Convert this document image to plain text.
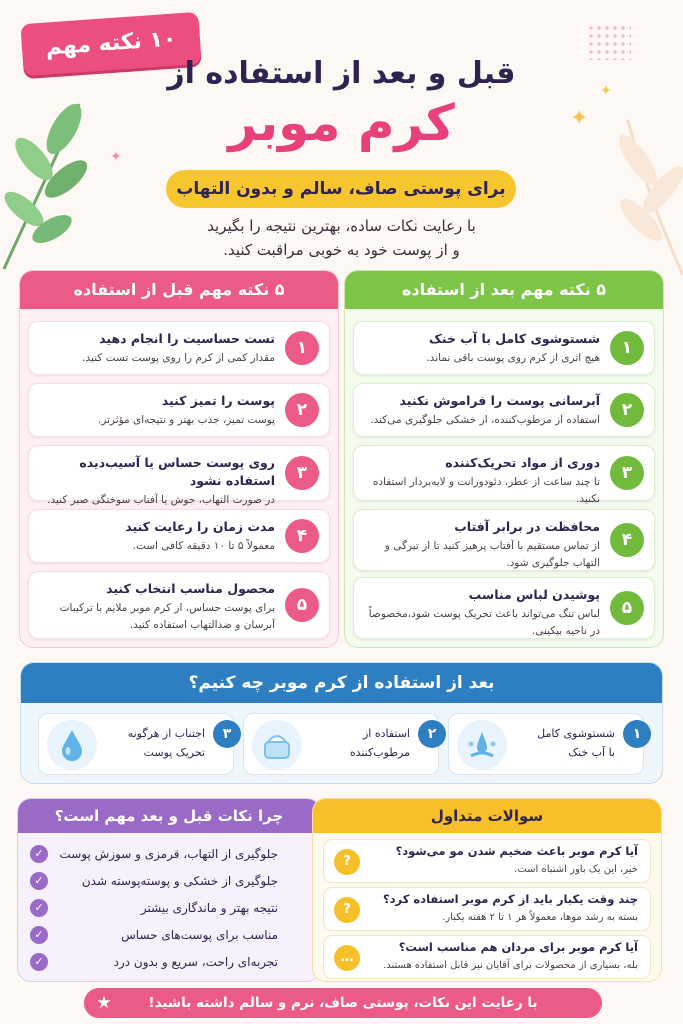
✦
✦
✦
۱۰ نکته مهم
قبل و بعد از استفاده از
کرم موبر
برای پوستی صاف، سالم و بدون التهاب
با رعایت نکات ساده، بهترین نتیجه را بگیرید
و از پوست خود به خوبی مراقبت کنید.
۵ نکته مهم قبل از استفاده
۱
تست حساسیت را انجام دهید
مقدار کمی از کرم را روی پوست تست کنید.
۲
پوست را تمیز کنید
پوست تمیز، جذب بهتر و نتیجه‌ای مؤثرتر.
۳
روی پوست حساس یا آسیب‌دیده استفاده نشود
در صورت التهاب، جوش یا آفتاب سوختگی صبر کنید.
۴
مدت زمان را رعایت کنید
معمولاً ۵ تا ۱۰ دقیقه کافی است.
۵
محصول مناسب انتخاب کنید
برای پوست حساس، از کرم موبر ملایم با ترکیبات
آبرسان و ضدالتهاب استفاده کنید.
۵ نکته مهم بعد از استفاده
۱
شستوشوی کامل با آب خنک
هیچ اثری از کرم روی پوست باقی نماند.
۲
آبرسانی پوست را فراموش نکنید
استفاده از مرطوب‌کننده، از خشکی جلوگیری می‌کند.
۳
دوری از مواد تحریک‌کننده
تا چند ساعت از عطر، دئودورانت و لایه‌بردار استفاده نکنید.
۴
محافظت در برابر آفتاب
از تماس مستقیم با آفتاب پرهیز کنید تا از تیرگی و
التهاب جلوگیری شود.
۵
پوشیدن لباس مناسب
لباس تنگ می‌تواند باعث تحریک پوست شود،مخصوصاً
در ناحیه بیکینی.
بعد از استفاده از کرم موبر چه کنیم؟
۱
شستوشوی کامل
با آب خنک
۲
استفاده از
مرطوب‌کننده
۳
اجتناب از هرگونه
تحریک پوست
چرا نکات قبل و بعد مهم است؟
جلوگیری از التهاب، قرمزی و سوزش پوست
✓
جلوگیری از خشکی و پوسته‌پوسته شدن
✓
نتیجه بهتر و ماندگاری بیشتر
✓
مناسب برای پوست‌های حساس
✓
تجربه‌ای راحت، سریع و بدون درد
✓
سوالات متداول
آیا کرم موبر باعث ضخیم شدن مو می‌شود؟
خیر، این یک باور اشتباه است.
?
چند وقت یکبار باید از کرم موبر استفاده کرد؟
بسته به رشد موها، معمولاً هر ۱ تا ۲ هفته یکبار.
?
آیا کرم موبر برای مردان هم مناسب است؟
بله، بسیاری از محصولات برای آقایان نیز قابل استفاده هستند.
…
با رعایت این نکات، پوستی صاف، نرم و سالم داشته باشید!
★
